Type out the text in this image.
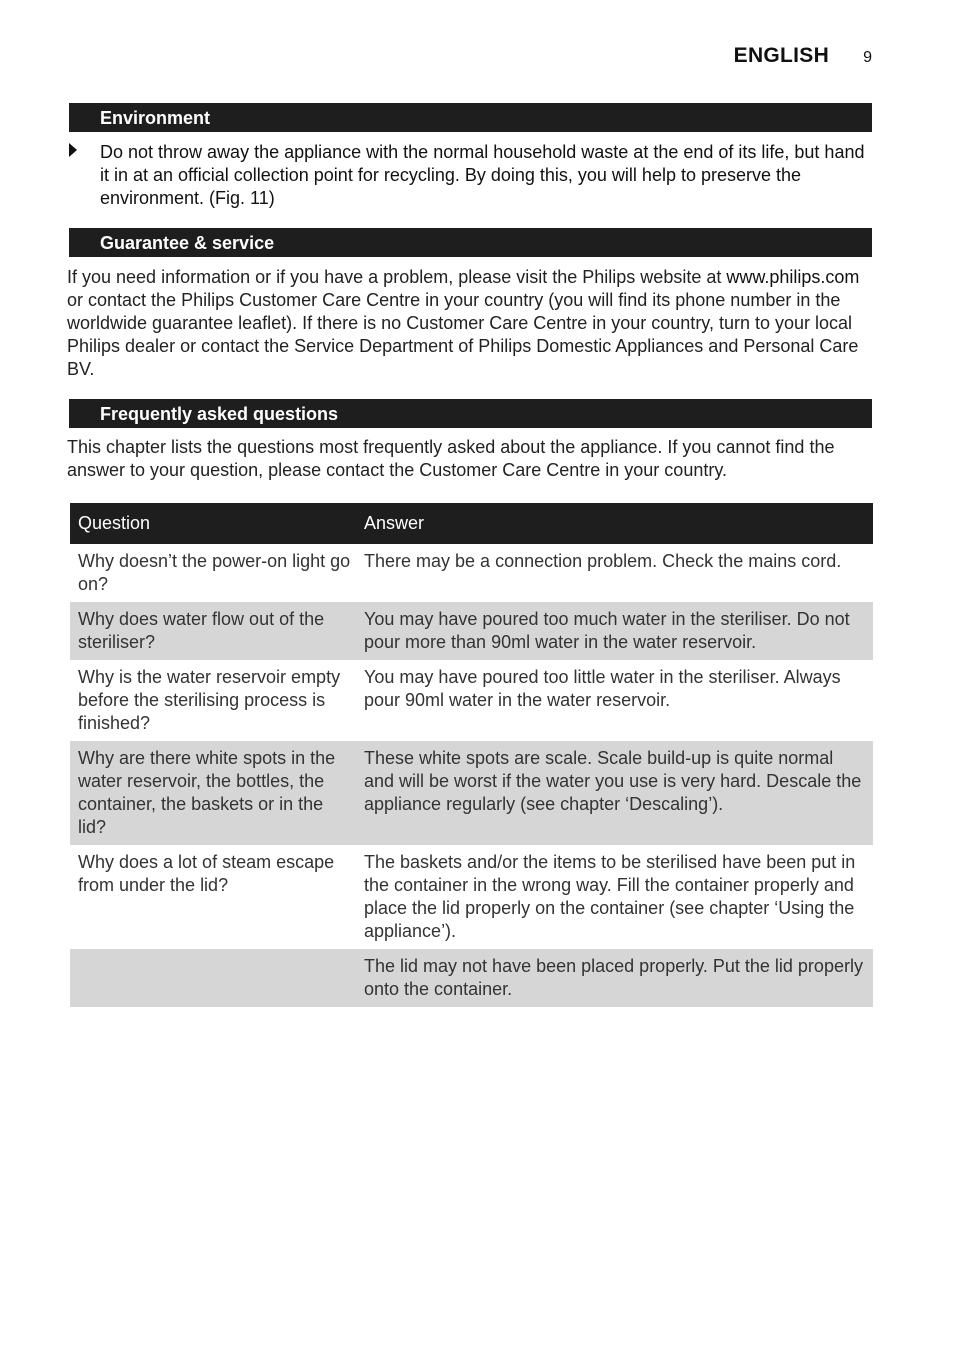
ENGLISH 9
Environment
Do not throw away the appliance with the normal household waste at the end of its life, but hand it in at an official collection point for recycling. By doing this, you will help to preserve the environment. (Fig. 11)
Guarantee & service
If you need information or if you have a problem, please visit the Philips website at www.philips.com or contact the Philips Customer Care Centre in your country (you will find its phone number in the worldwide guarantee leaflet). If there is no Customer Care Centre in your country, turn to your local Philips dealer or contact the Service Department of Philips Domestic Appliances and Personal Care BV.
Frequently asked questions
This chapter lists the questions most frequently asked about the appliance. If you cannot find the answer to your question, please contact the Customer Care Centre in your country.
Question	Answer
Why doesn’t the power-on light go on?
There may be a connection problem. Check the mains cord.
Why does water flow out of the steriliser?
You may have poured too much water in the steriliser. Do not pour more than 90ml water in the water reservoir.
Why is the water reservoir empty before the sterilising process is finished?
You may have poured too little water in the steriliser. Always pour 90ml water in the water reservoir.
Why are there white spots in the water reservoir, the bottles, the container, the baskets or in the lid?
These white spots are scale. Scale build-up is quite normal and will be worst if the water you use is very hard. Descale the appliance regularly (see chapter ‘Descaling’).
Why does a lot of steam escape from under the lid?
The baskets and/or the items to be sterilised have been put in the container in the wrong way. Fill the container properly and place the lid properly on the container (see chapter ‘Using the appliance’).
The lid may not have been placed properly. Put the lid properly onto the container.
